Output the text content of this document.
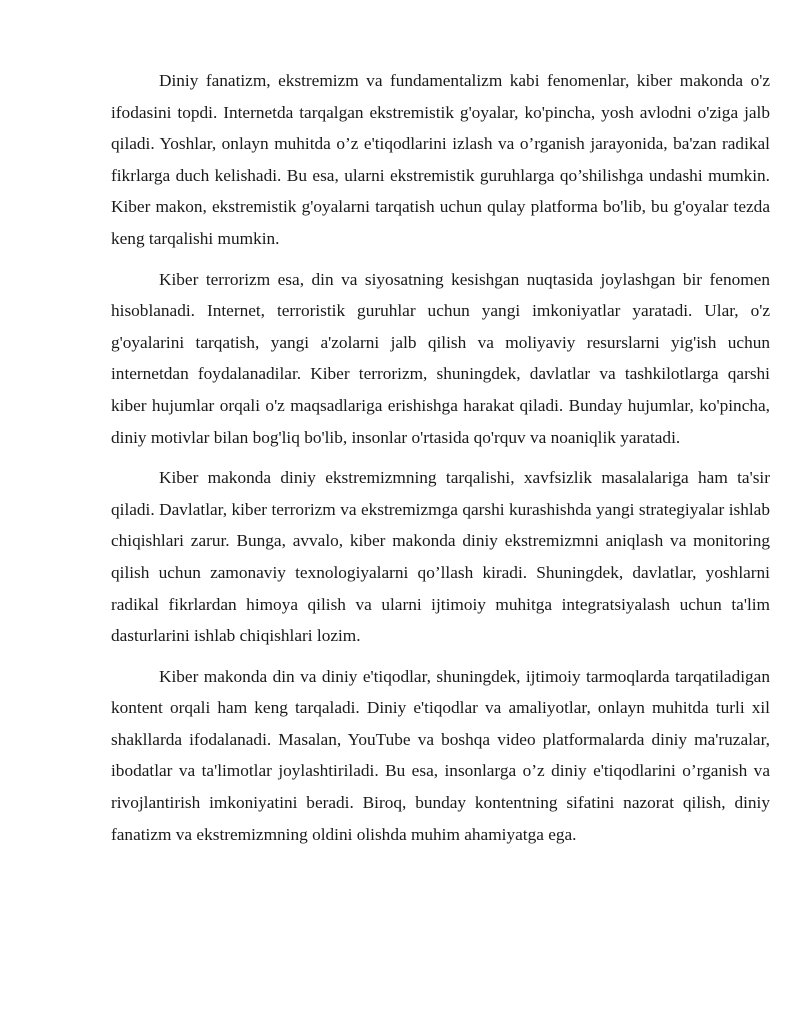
Diniy fanatizm, ekstremizm va fundamentalizm kabi fenomenlar, kiber makonda o'z ifodasini topdi. Internetda tarqalgan ekstremistik g'oyalar, ko'pincha, yosh avlodni o'ziga jalb qiladi. Yoshlar, onlayn muhitda o’z e'tiqodlarini izlash va o’rganish jarayonida, ba'zan radikal fikrlarga duch kelishadi. Bu esa, ularni ekstremistik guruhlarga qo’shilishga undashi mumkin. Kiber makon, ekstremistik g'oyalarni tarqatish uchun qulay platforma bo'lib, bu g'oyalar tezda keng tarqalishi mumkin.

Kiber terrorizm esa, din va siyosatning kesishgan nuqtasida joylashgan bir fenomen hisoblanadi. Internet, terroristik guruhlar uchun yangi imkoniyatlar yaratadi. Ular, o'z g'oyalarini tarqatish, yangi a'zolarni jalb qilish va moliyaviy resurslarni yig'ish uchun internetdan foydalanadilar. Kiber terrorizm, shuningdek, davlatlar va tashkilotlarga qarshi kiber hujumlar orqali o'z maqsadlariga erishishga harakat qiladi. Bunday hujumlar, ko'pincha, diniy motivlar bilan bog'liq bo'lib, insonlar o'rtasida qo'rquv va noaniqlik yaratadi.

Kiber makonda diniy ekstremizmning tarqalishi, xavfsizlik masalalariga ham ta'sir qiladi. Davlatlar, kiber terrorizm va ekstremizmga qarshi kurashishda yangi strategiyalar ishlab chiqishlari zarur. Bunga, avvalo, kiber makonda diniy ekstremizmni aniqlash va monitoring qilish uchun zamonaviy texnologiyalarni qo’llash kiradi. Shuningdek, davlatlar, yoshlarni radikal fikrlardan himoya qilish va ularni ijtimoiy muhitga integratsiyalash uchun ta'lim dasturlarini ishlab chiqishlari lozim.

Kiber makonda din va diniy e'tiqodlar, shuningdek, ijtimoiy tarmoqlarda tarqatiladigan kontent orqali ham keng tarqaladi. Diniy e'tiqodlar va amaliyotlar, onlayn muhitda turli xil shakllarda ifodalanadi. Masalan, YouTube va boshqa video platformalarda diniy ma'ruzalar, ibodatlar va ta'limotlar joylashtiriladi. Bu esa, insonlarga o’z diniy e'tiqodlarini o’rganish va rivojlantirish imkoniyatini beradi. Biroq, bunday kontentning sifatini nazorat qilish, diniy fanatizm va ekstremizmning oldini olishda muhim ahamiyatga ega.
